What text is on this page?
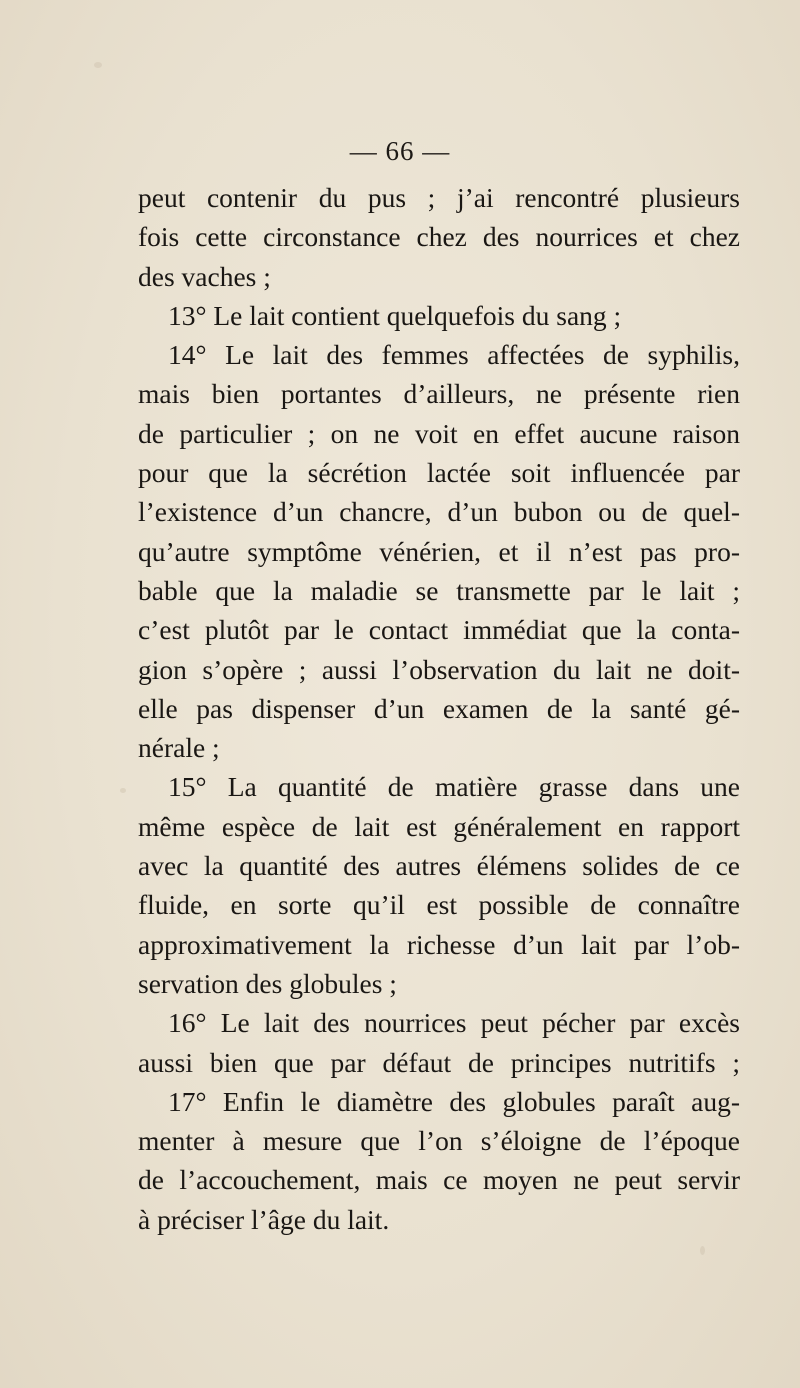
— 66 —
peut contenir du pus ; j’ai rencontré plusieurs
fois cette circonstance chez des nourrices et chez
des vaches ;
13° Le lait contient quelquefois du sang ;
14° Le lait des femmes affectées de syphilis,
mais bien portantes d’ailleurs, ne présente rien
de particulier ; on ne voit en effet aucune raison
pour que la sécrétion lactée soit influencée par
l’existence d’un chancre, d’un bubon ou de quel-
qu’autre symptôme vénérien, et il n’est pas pro-
bable que la maladie se transmette par le lait ;
c’est plutôt par le contact immédiat que la conta-
gion s’opère ; aussi l’observation du lait ne doit-
elle pas dispenser d’un examen de la santé gé-
nérale ;
15° La quantité de matière grasse dans une
même espèce de lait est généralement en rapport
avec la quantité des autres élémens solides de ce
fluide, en sorte qu’il est possible de connaître
approximativement la richesse d’un lait par l’ob-
servation des globules ;
16° Le lait des nourrices peut pécher par excès
aussi bien que par défaut de principes nutritifs ;
17° Enfin le diamètre des globules paraît aug-
menter à mesure que l’on s’éloigne de l’époque
de l’accouchement, mais ce moyen ne peut servir
à préciser l’âge du lait.
